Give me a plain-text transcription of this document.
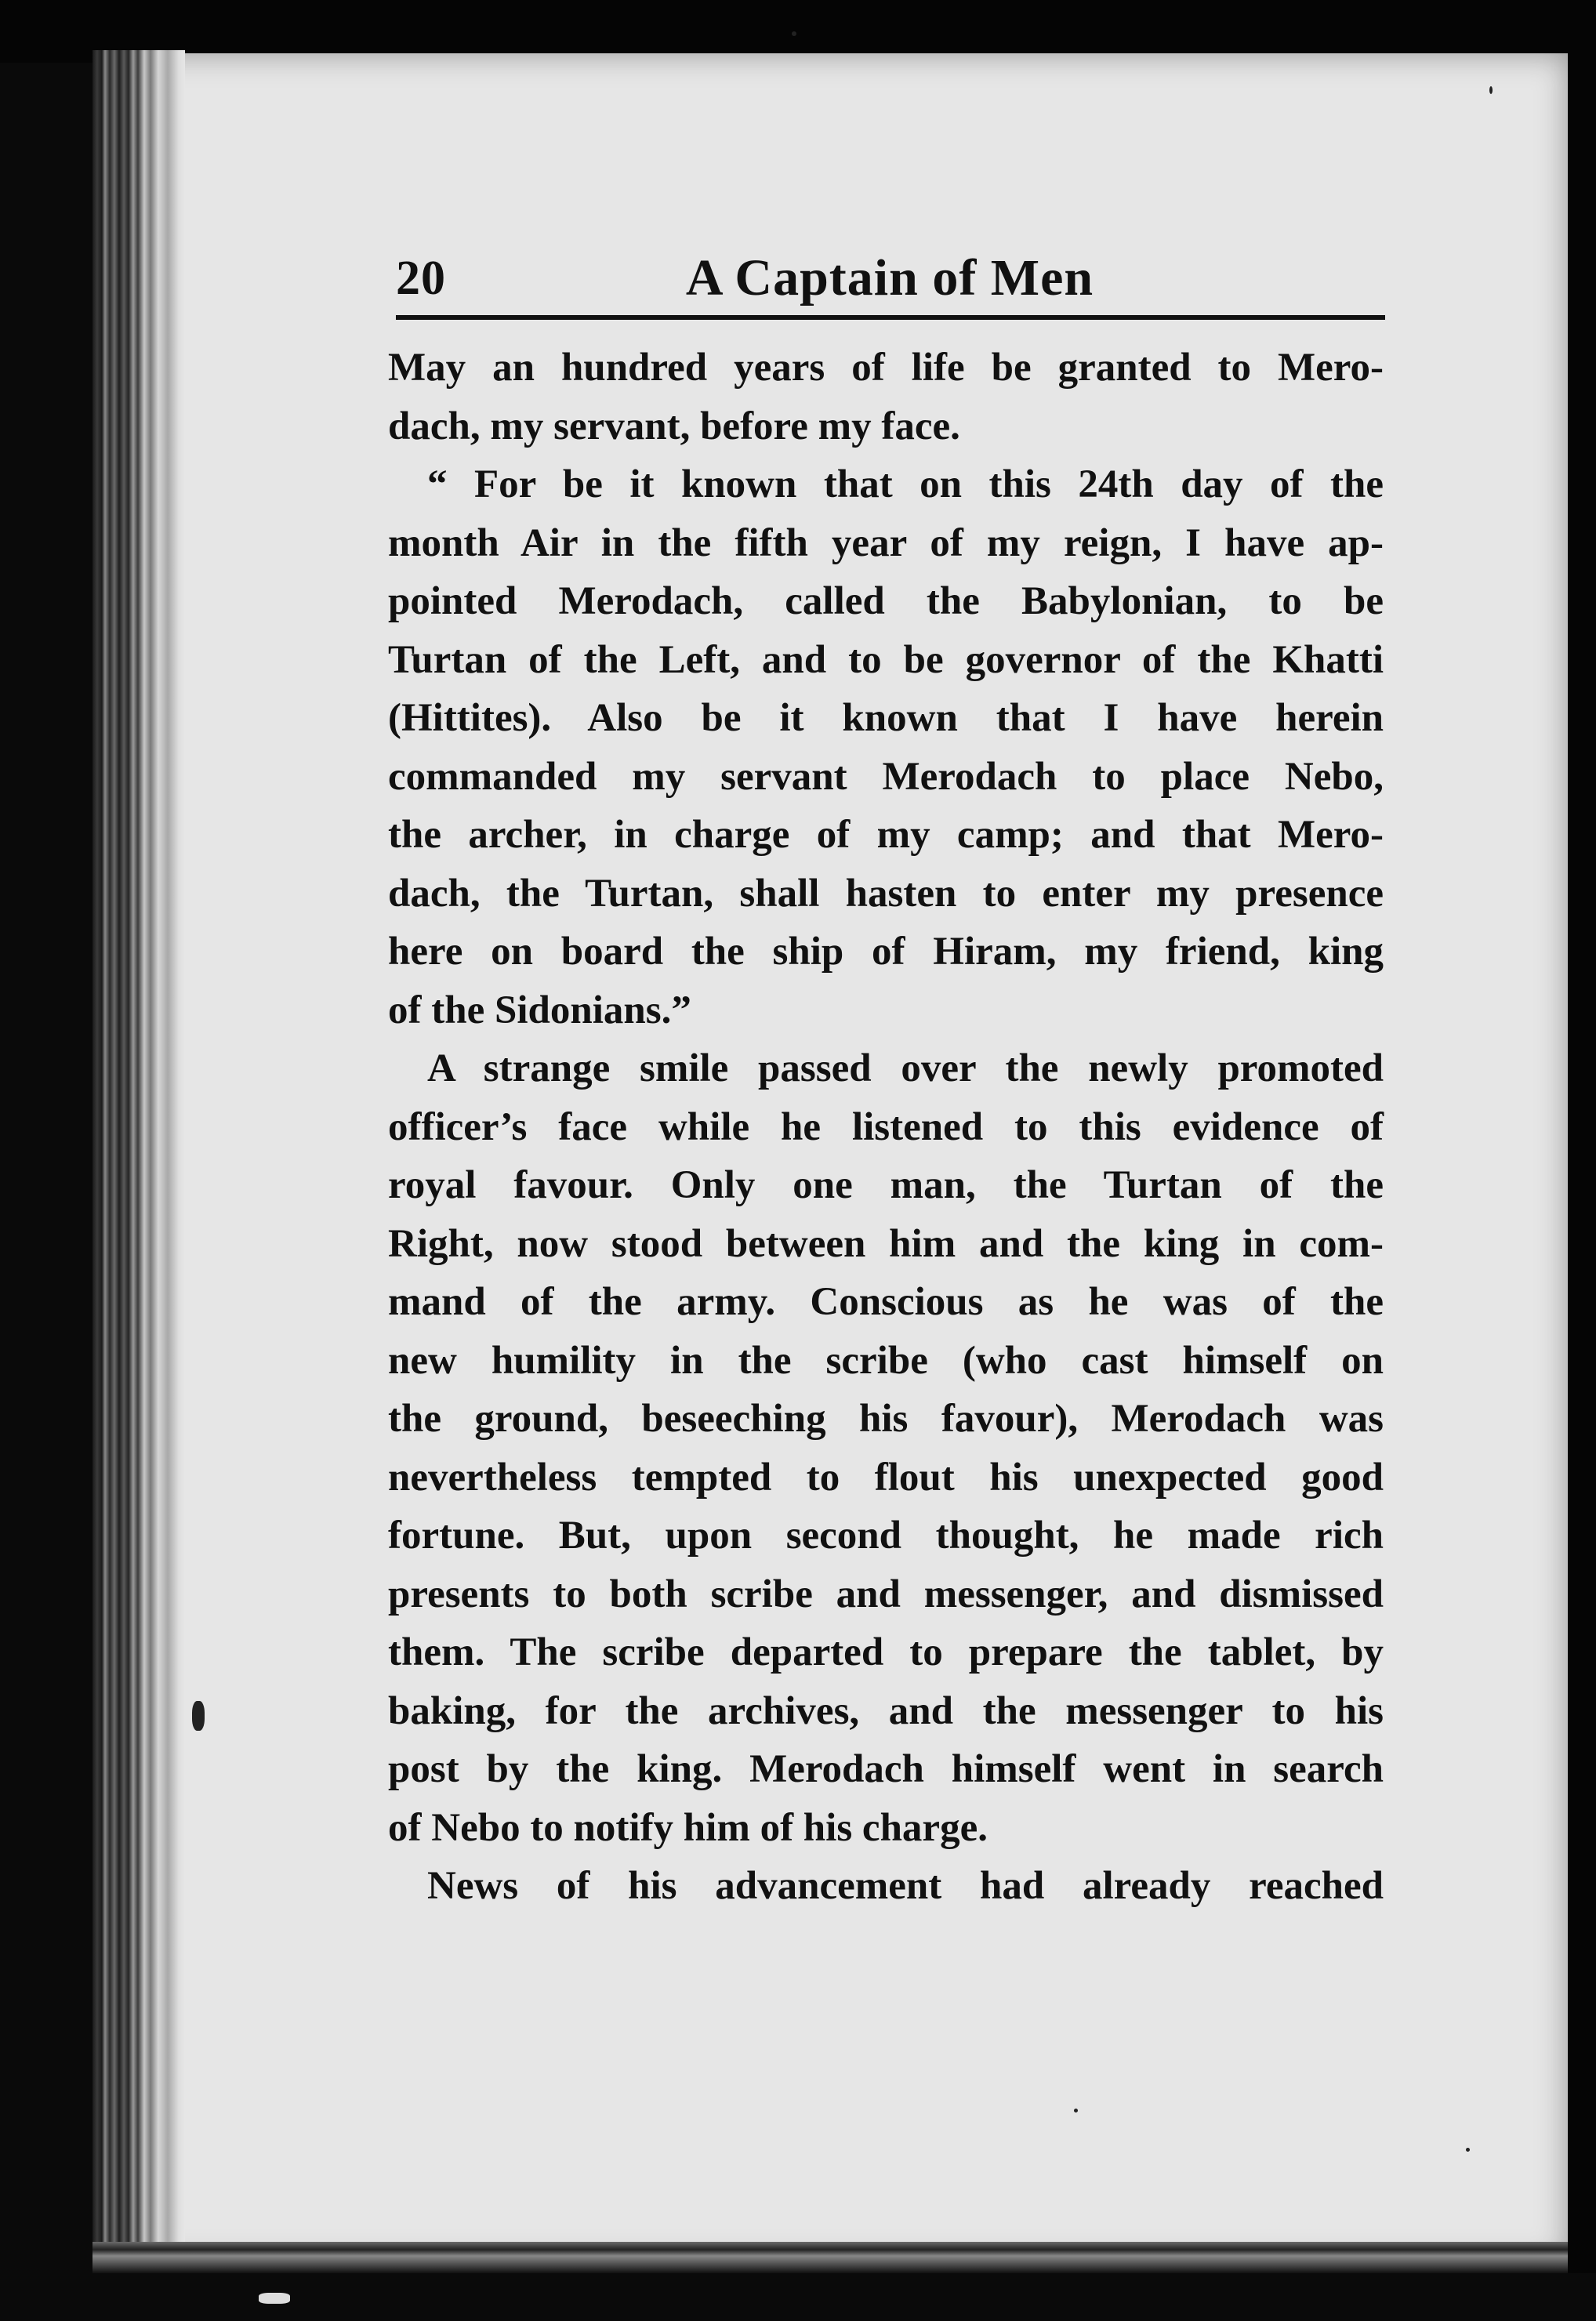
20	A Captain of Men
May an hundred years of life be granted to Mero-
dach, my servant, before my face.
“ For be it known that on this 24th day of the
month Air in the fifth year of my reign, I have ap-
pointed Merodach, called the Babylonian, to be
Turtan of the Left, and to be governor of the Khatti
(Hittites). Also be it known that I have herein
commanded my servant Merodach to place Nebo,
the archer, in charge of my camp; and that Mero-
dach, the Turtan, shall hasten to enter my presence
here on board the ship of Hiram, my friend, king
of the Sidonians.”
A strange smile passed over the newly promoted
officer’s face while he listened to this evidence of
royal favour. Only one man, the Turtan of the
Right, now stood between him and the king in com-
mand of the army. Conscious as he was of the
new humility in the scribe (who cast himself on
the ground, beseeching his favour), Merodach was
nevertheless tempted to flout his unexpected good
fortune. But, upon second thought, he made rich
presents to both scribe and messenger, and dismissed
them. The scribe departed to prepare the tablet, by
baking, for the archives, and the messenger to his
post by the king. Merodach himself went in search
of Nebo to notify him of his charge.
News of his advancement had already reached
